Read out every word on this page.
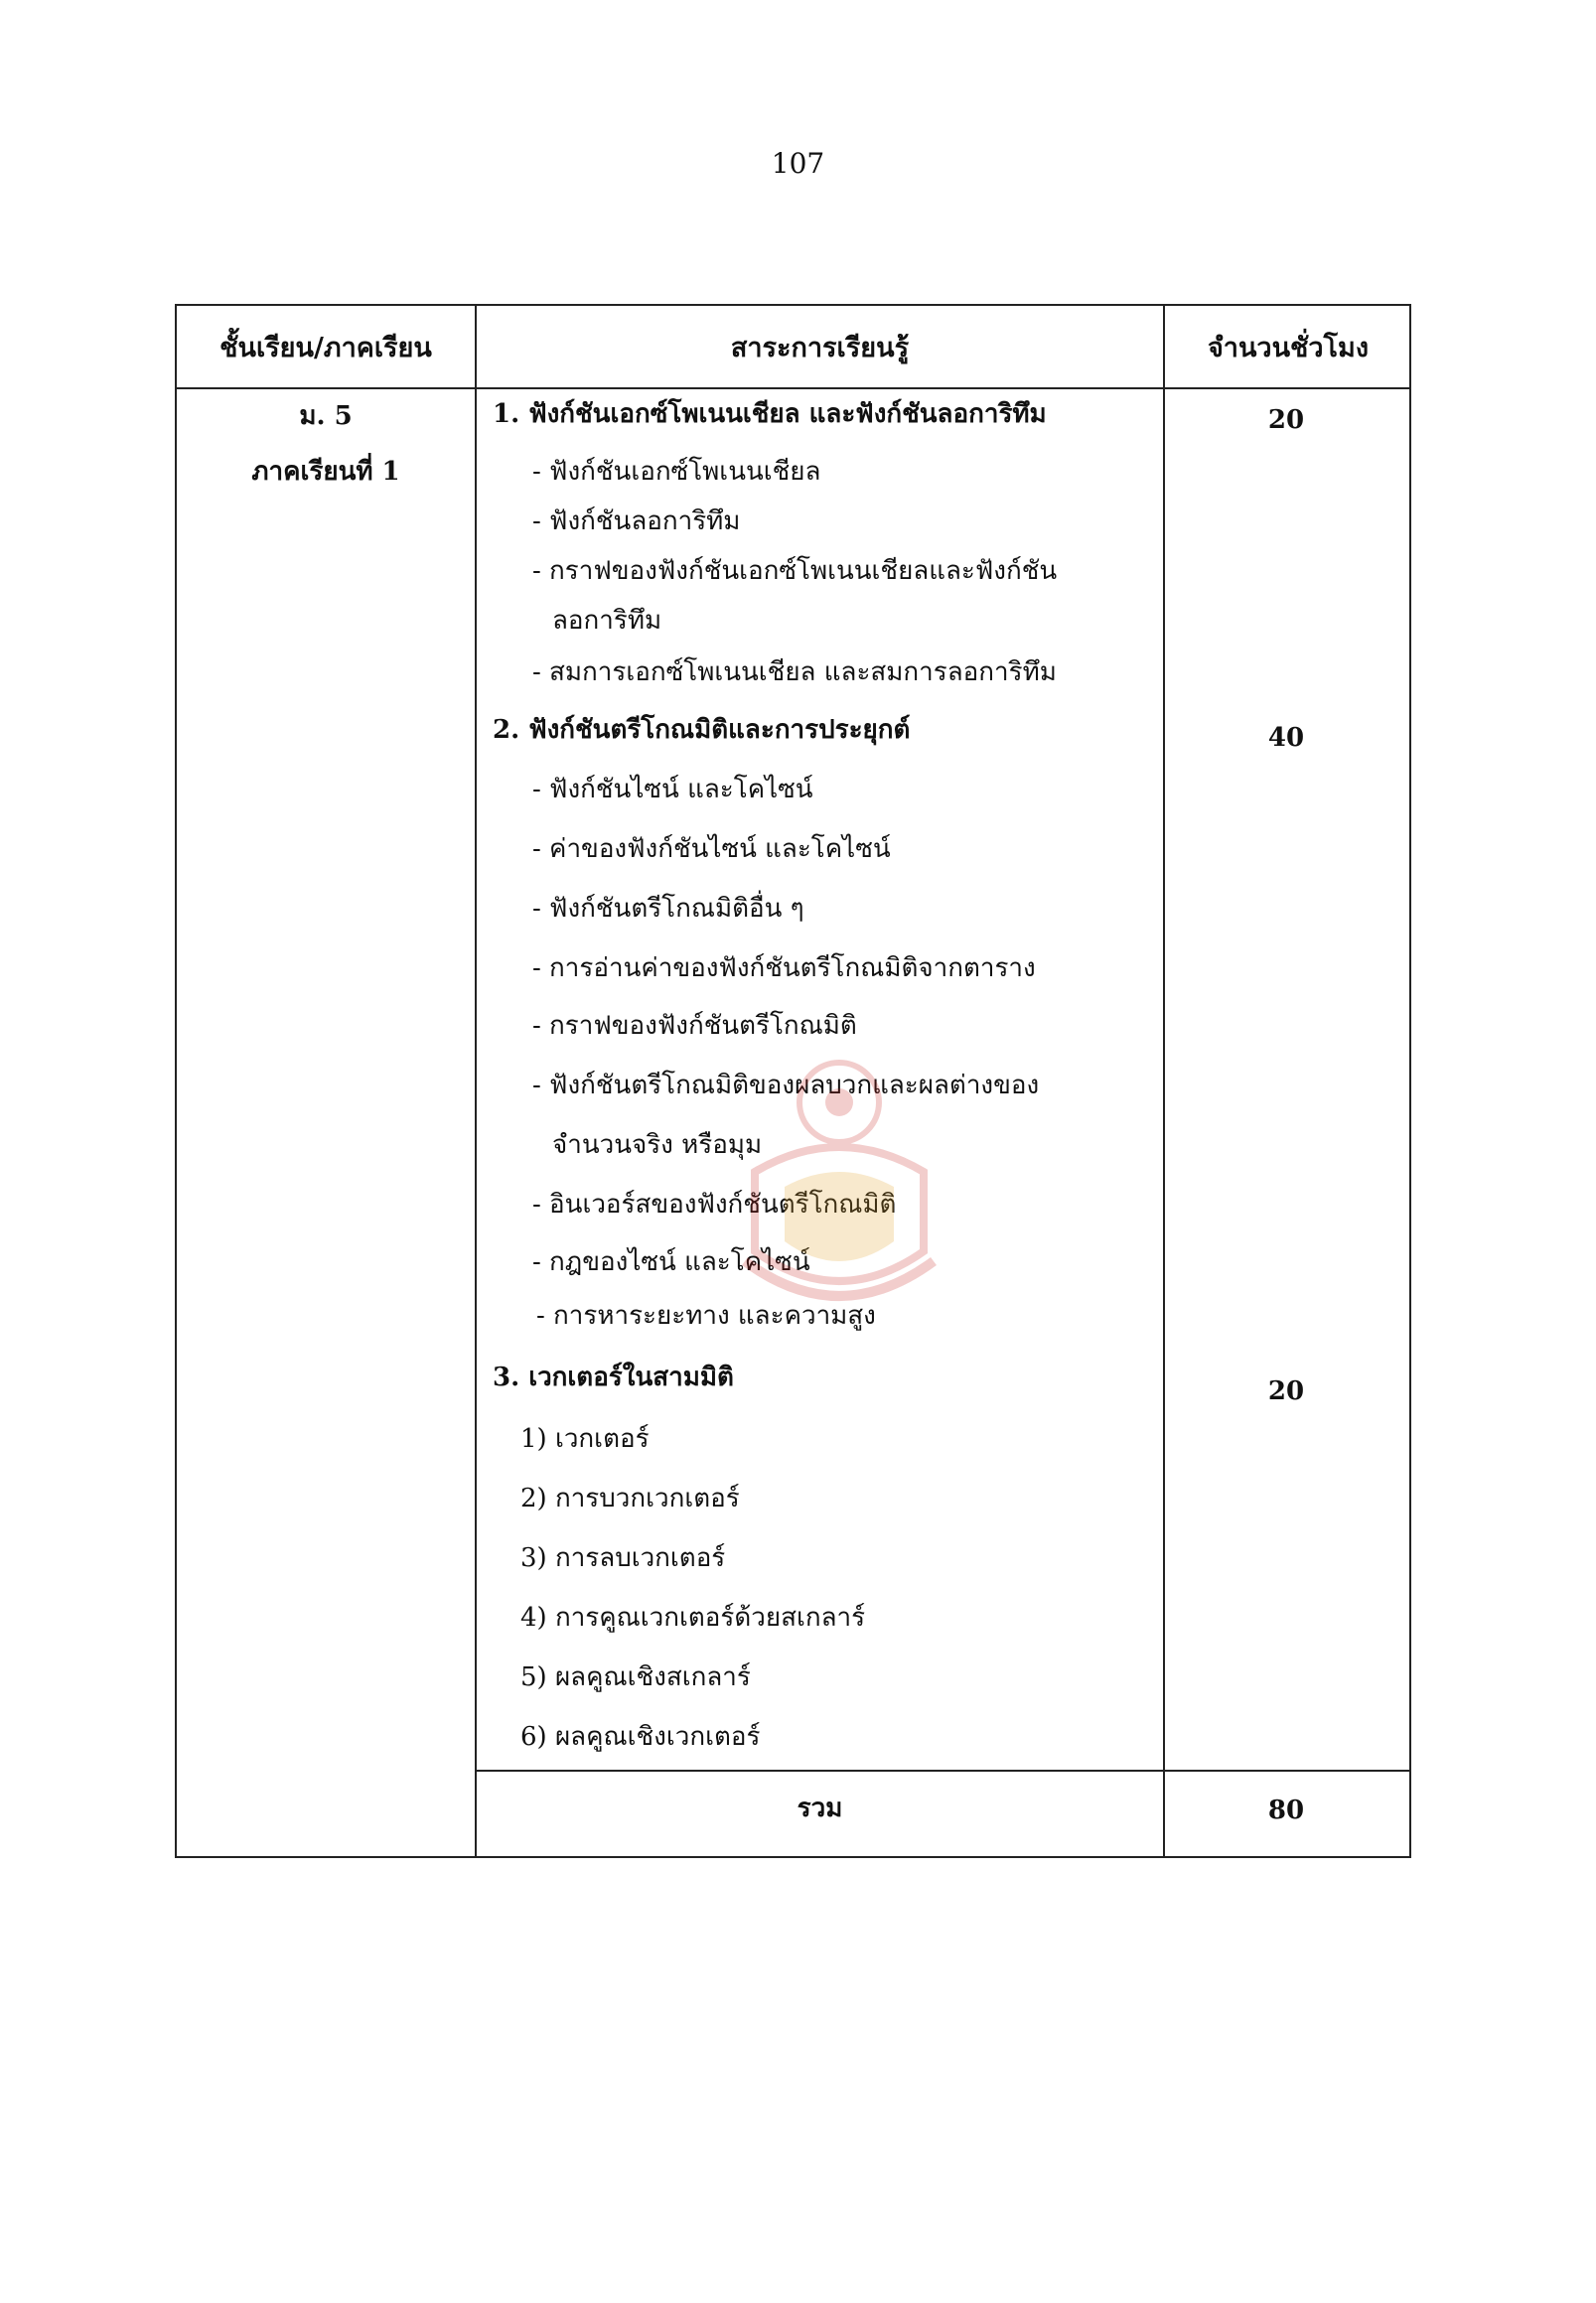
107
ชั้นเรียน/ภาคเรียน	สาระการเรียนรู้	จำนวนชั่วโมง
ม. 5
ภาคเรียนที่ 1
1. ฟังก์ชันเอกซ์โพเนนเชียล และฟังก์ชันลอการิทึม	20
- ฟังก์ชันเอกซ์โพเนนเชียล
- ฟังก์ชันลอการิทึม
- กราฟของฟังก์ชันเอกซ์โพเนนเชียลและฟังก์ชัน
ลอการิทึม
- สมการเอกซ์โพเนนเชียล และสมการลอการิทึม
2. ฟังก์ชันตรีโกณมิติและการประยุกต์	40
- ฟังก์ชันไซน์ และโคไซน์
- ค่าของฟังก์ชันไซน์ และโคไซน์
- ฟังก์ชันตรีโกณมิติอื่น ๆ
- การอ่านค่าของฟังก์ชันตรีโกณมิติจากตาราง
- กราฟของฟังก์ชันตรีโกณมิติ
- ฟังก์ชันตรีโกณมิติของผลบวกและผลต่างของ
จำนวนจริง หรือมุม
- อินเวอร์สของฟังก์ชันตรีโกณมิติ
- กฎของไซน์ และโคไซน์
- การหาระยะทาง และความสูง
3. เวกเตอร์ในสามมิติ	20
1) เวกเตอร์
2) การบวกเวกเตอร์
3) การลบเวกเตอร์
4) การคูณเวกเตอร์ด้วยสเกลาร์
5) ผลคูณเชิงสเกลาร์
6) ผลคูณเชิงเวกเตอร์
รวม	80
